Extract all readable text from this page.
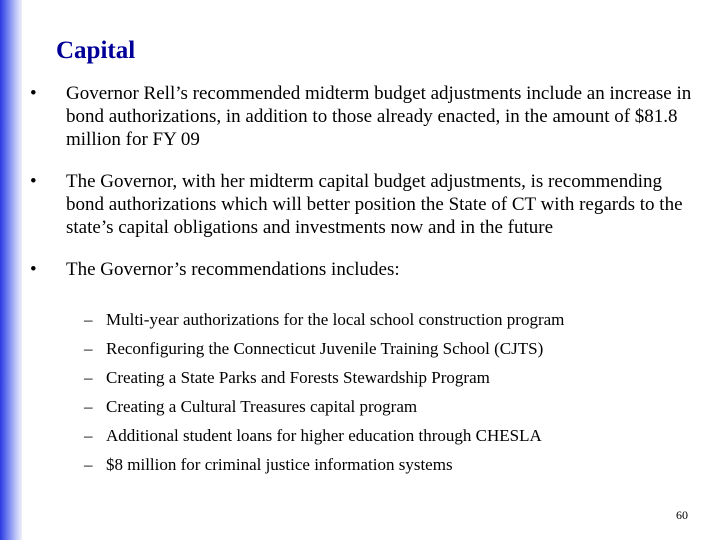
Capital
• Governor Rell’s recommended midterm budget adjustments include an increase in bond authorizations, in addition to those already enacted, in the amount of $81.8 million for FY 09
• The Governor, with her midterm capital budget adjustments, is recommending bond authorizations which will better position the State of CT with regards to the state’s capital obligations and investments now and in the future
• The Governor’s recommendations includes:
– Multi-year authorizations for the local school construction program
– Reconfiguring the Connecticut Juvenile Training School (CJTS)
– Creating a State Parks and Forests Stewardship Program
– Creating a Cultural Treasures capital program
– Additional student loans for higher education through CHESLA
– $8 million for criminal justice information systems
60
